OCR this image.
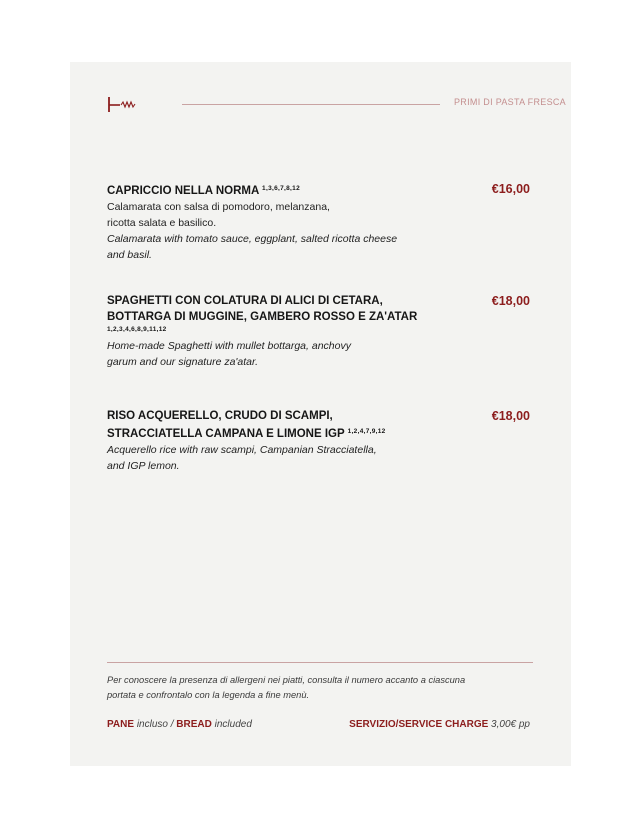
PRIMI DI PASTA FRESCA
CAPRICCIO NELLA NORMA $^{1,3,6,7,8,12}$	€16,00
Calamarata con salsa di pomodoro, melanzana,
ricotta salata e basilico.
Calamarata with tomato sauce, eggplant, salted ricotta cheese
and basil.
SPAGHETTI CON COLATURA DI ALICI DI CETARA,
BOTTARGA DI MUGGINE, GAMBERO ROSSO E ZA'ATAR
1,2,3,4,6,8,9,11,12
€18,00
Home-made Spaghetti with mullet bottarga, anchovy
garum and our signature za'atar.
RISO ACQUERELLO, CRUDO DI SCAMPI,
STRACCIATELLA CAMPANA E LIMONE IGP $^{1,2,4,7,9,12}$
€18,00
Acquerello rice with raw scampi, Campanian Stracciatella,
and IGP lemon.
Per conoscere la presenza di allergeni nei piatti, consulta il numero accanto a ciascuna
portata e confrontalo con la legenda a fine menù.
PANE incluso / BREAD included	SERVIZIO/SERVICE CHARGE 3,00€ pp
